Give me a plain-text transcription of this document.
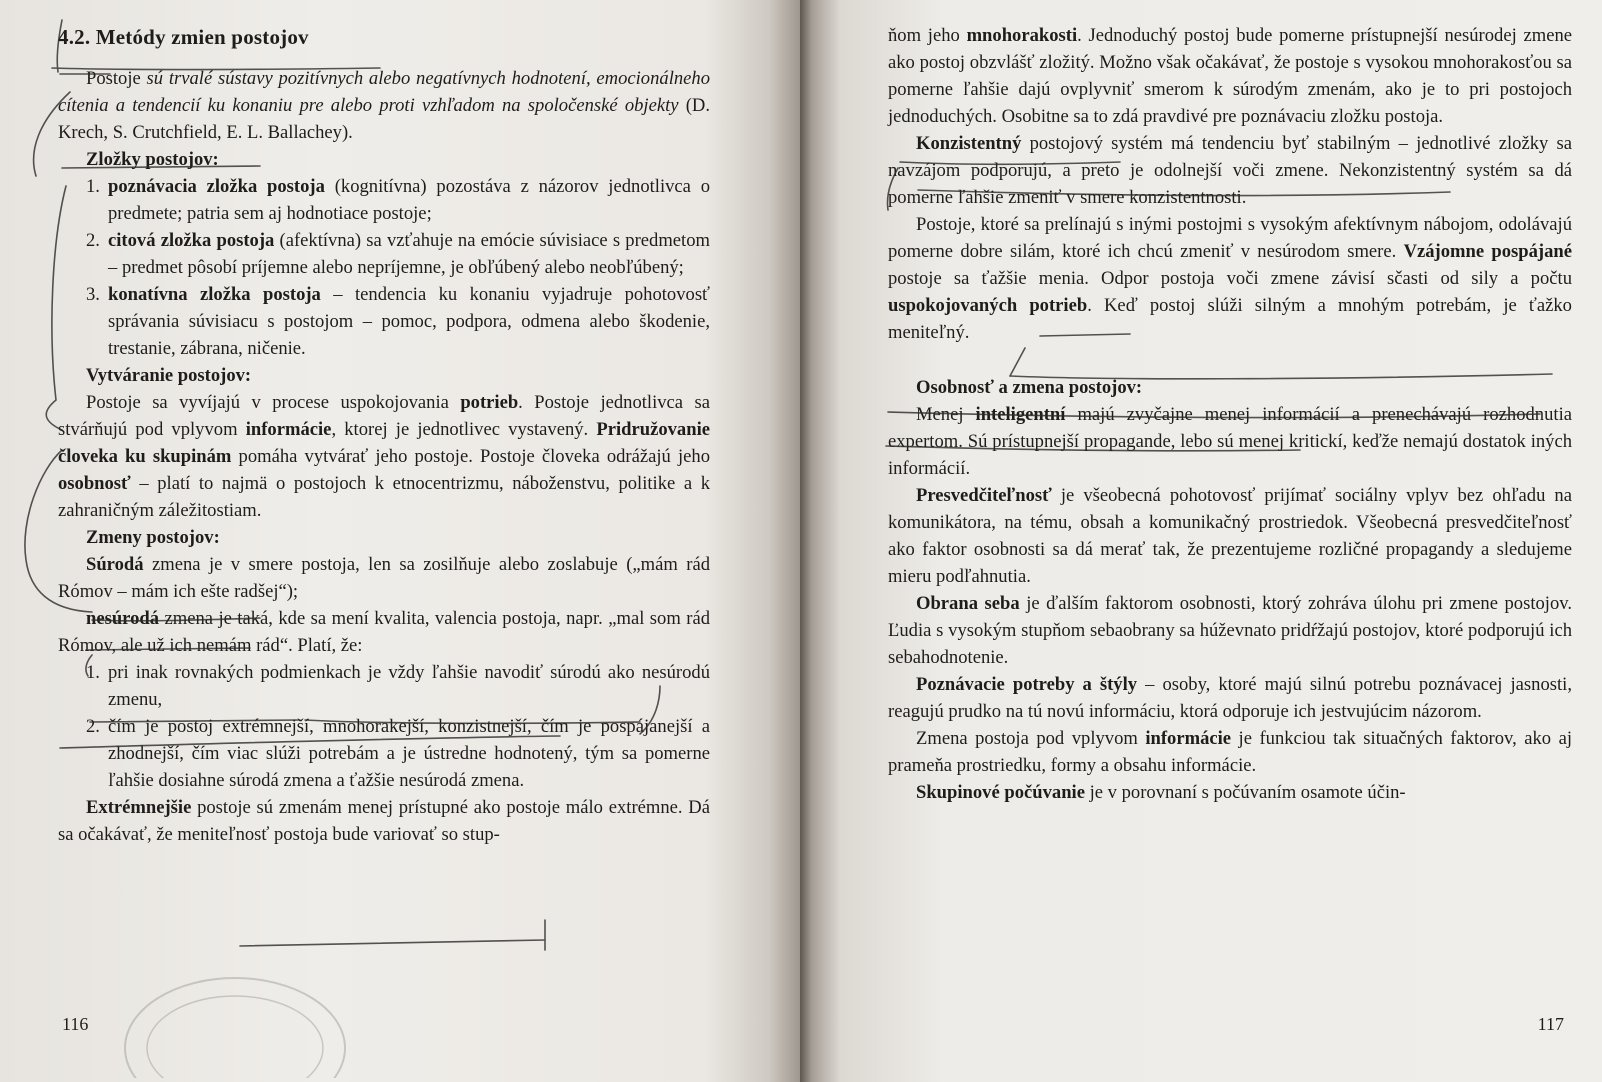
4.2. Metódy zmien postojov

Postoje sú trvalé sústavy pozitívnych alebo negatívnych hodnotení, emocionálneho cítenia a tendencií ku konaniu pre alebo proti vzhľadom na spoločenské objekty (D. Krech, S. Crutchfield, E. L. Ballachey).

Zložky postojov:
1. poznávacia zložka postoja (kognitívna) pozostáva z názorov jednotlivca o predmete; patria sem aj hodnotiace postoje;
2. citová zložka postoja (afektívna) sa vzťahuje na emócie súvisiace s predmetom – predmet pôsobí príjemne alebo nepríjemne, je obľúbený alebo neobľúbený;
3. konatívna zložka postoja – tendencia ku konaniu vyjadruje pohotovosť správania súvisiacu s postojom – pomoc, podpora, odmena alebo škodenie, trestanie, zábrana, ničenie.
Vytváranie postojov:

Postoje sa vyvíjajú v procese uspokojovania potrieb. Postoje jednotlivca sa stvárňujú pod vplyvom informácie, ktorej je jednotlivec vystavený. Pridružovanie človeka ku skupinám pomáha vytvárať jeho postoje. Postoje človeka odrážajú jeho osobnosť – platí to najmä o postojoch k etnocentrizmu, náboženstvu, politike a k zahraničným záležitostiam.

Zmeny postojov:

Súrodá zmena je v smere postoja, len sa zosilňuje alebo zoslabuje („mám rád Rómov – mám ich ešte radšej“);

nesúrodá zmena je taká, kde sa mení kvalita, valencia postoja, napr. „mal som rád Rómov, ale už ich nemám rád“. Platí, že:

1. pri inak rovnakých podmienkach je vždy ľahšie navodiť súrodú ako nesúrodú zmenu,
2. čím je postoj extrémnejší, mnohorakejší, konzistnejší, čím je pospájanejší a zhodnejší, čím viac slúži potrebám a je ústredne hodnotený, tým sa pomerne ľahšie dosiahne súrodá zmena a ťažšie nesúrodá zmena.

Extrémnejšie postoje sú zmenám menej prístupné ako postoje málo extrémne. Dá sa očakávať, že meniteľnosť postoja bude variovať so stup-

116

ňom jeho mnohorakosti. Jednoduchý postoj bude pomerne prístupnejší nesúrodej zmene ako postoj obzvlášť zložitý. Možno však očakávať, že postoje s vysokou mnohorakosťou sa pomerne ľahšie dajú ovplyvniť smerom k súrodým zmenám, ako je to pri postojoch jednoduchých. Osobitne sa to zdá pravdivé pre poznávaciu zložku postoja.

Konzistentný postojový systém má tendenciu byť stabilným – jednotlivé zložky sa navzájom podporujú, a preto je odolnejší voči zmene. Nekonzistentný systém sa dá pomerne ľahšie zmeniť v smere konzistentnosti.

Postoje, ktoré sa prelínajú s inými postojmi s vysokým afektívnym nábojom, odolávajú pomerne dobre silám, ktoré ich chcú zmeniť v nesúrodom smere. Vzájomne pospájané postoje sa ťažšie menia. Odpor postoja voči zmene závisí sčasti od sily a počtu uspokojovaných potrieb. Keď postoj slúži silným a mnohým potrebám, je ťažko meniteľný.

Osobnosť a zmena postojov:

Menej inteligentní majú zvyčajne menej informácií a prenechávajú rozhodnutia expertom. Sú prístupnejší propagande, lebo sú menej kritickí, keďže nemajú dostatok iných informácií.

Presvedčiteľnosť je všeobecná pohotovosť prijímať sociálny vplyv bez ohľadu na komunikátora, na tému, obsah a komunikačný prostriedok. Všeobecná presvedčiteľnosť ako faktor osobnosti sa dá merať tak, že prezentujeme rozličné propagandy a sledujeme mieru podľahnutia.

Obrana seba je ďalším faktorom osobnosti, ktorý zohráva úlohu pri zmene postojov. Ľudia s vysokým stupňom sebaobrany sa húževnato pridŕžajú postojov, ktoré podporujú ich sebahodnotenie.

Poznávacie potreby a štýly – osoby, ktoré majú silnú potrebu poznávacej jasnosti, reagujú prudko na tú novú informáciu, ktorá odporuje ich jestvujúcim názorom.

Zmena postoja pod vplyvom informácie je funkciou tak situačných faktorov, ako aj prameňa prostriedku, formy a obsahu informácie.

Skupinové počúvanie je v porovnaní s počúvaním osamote účin-

117
